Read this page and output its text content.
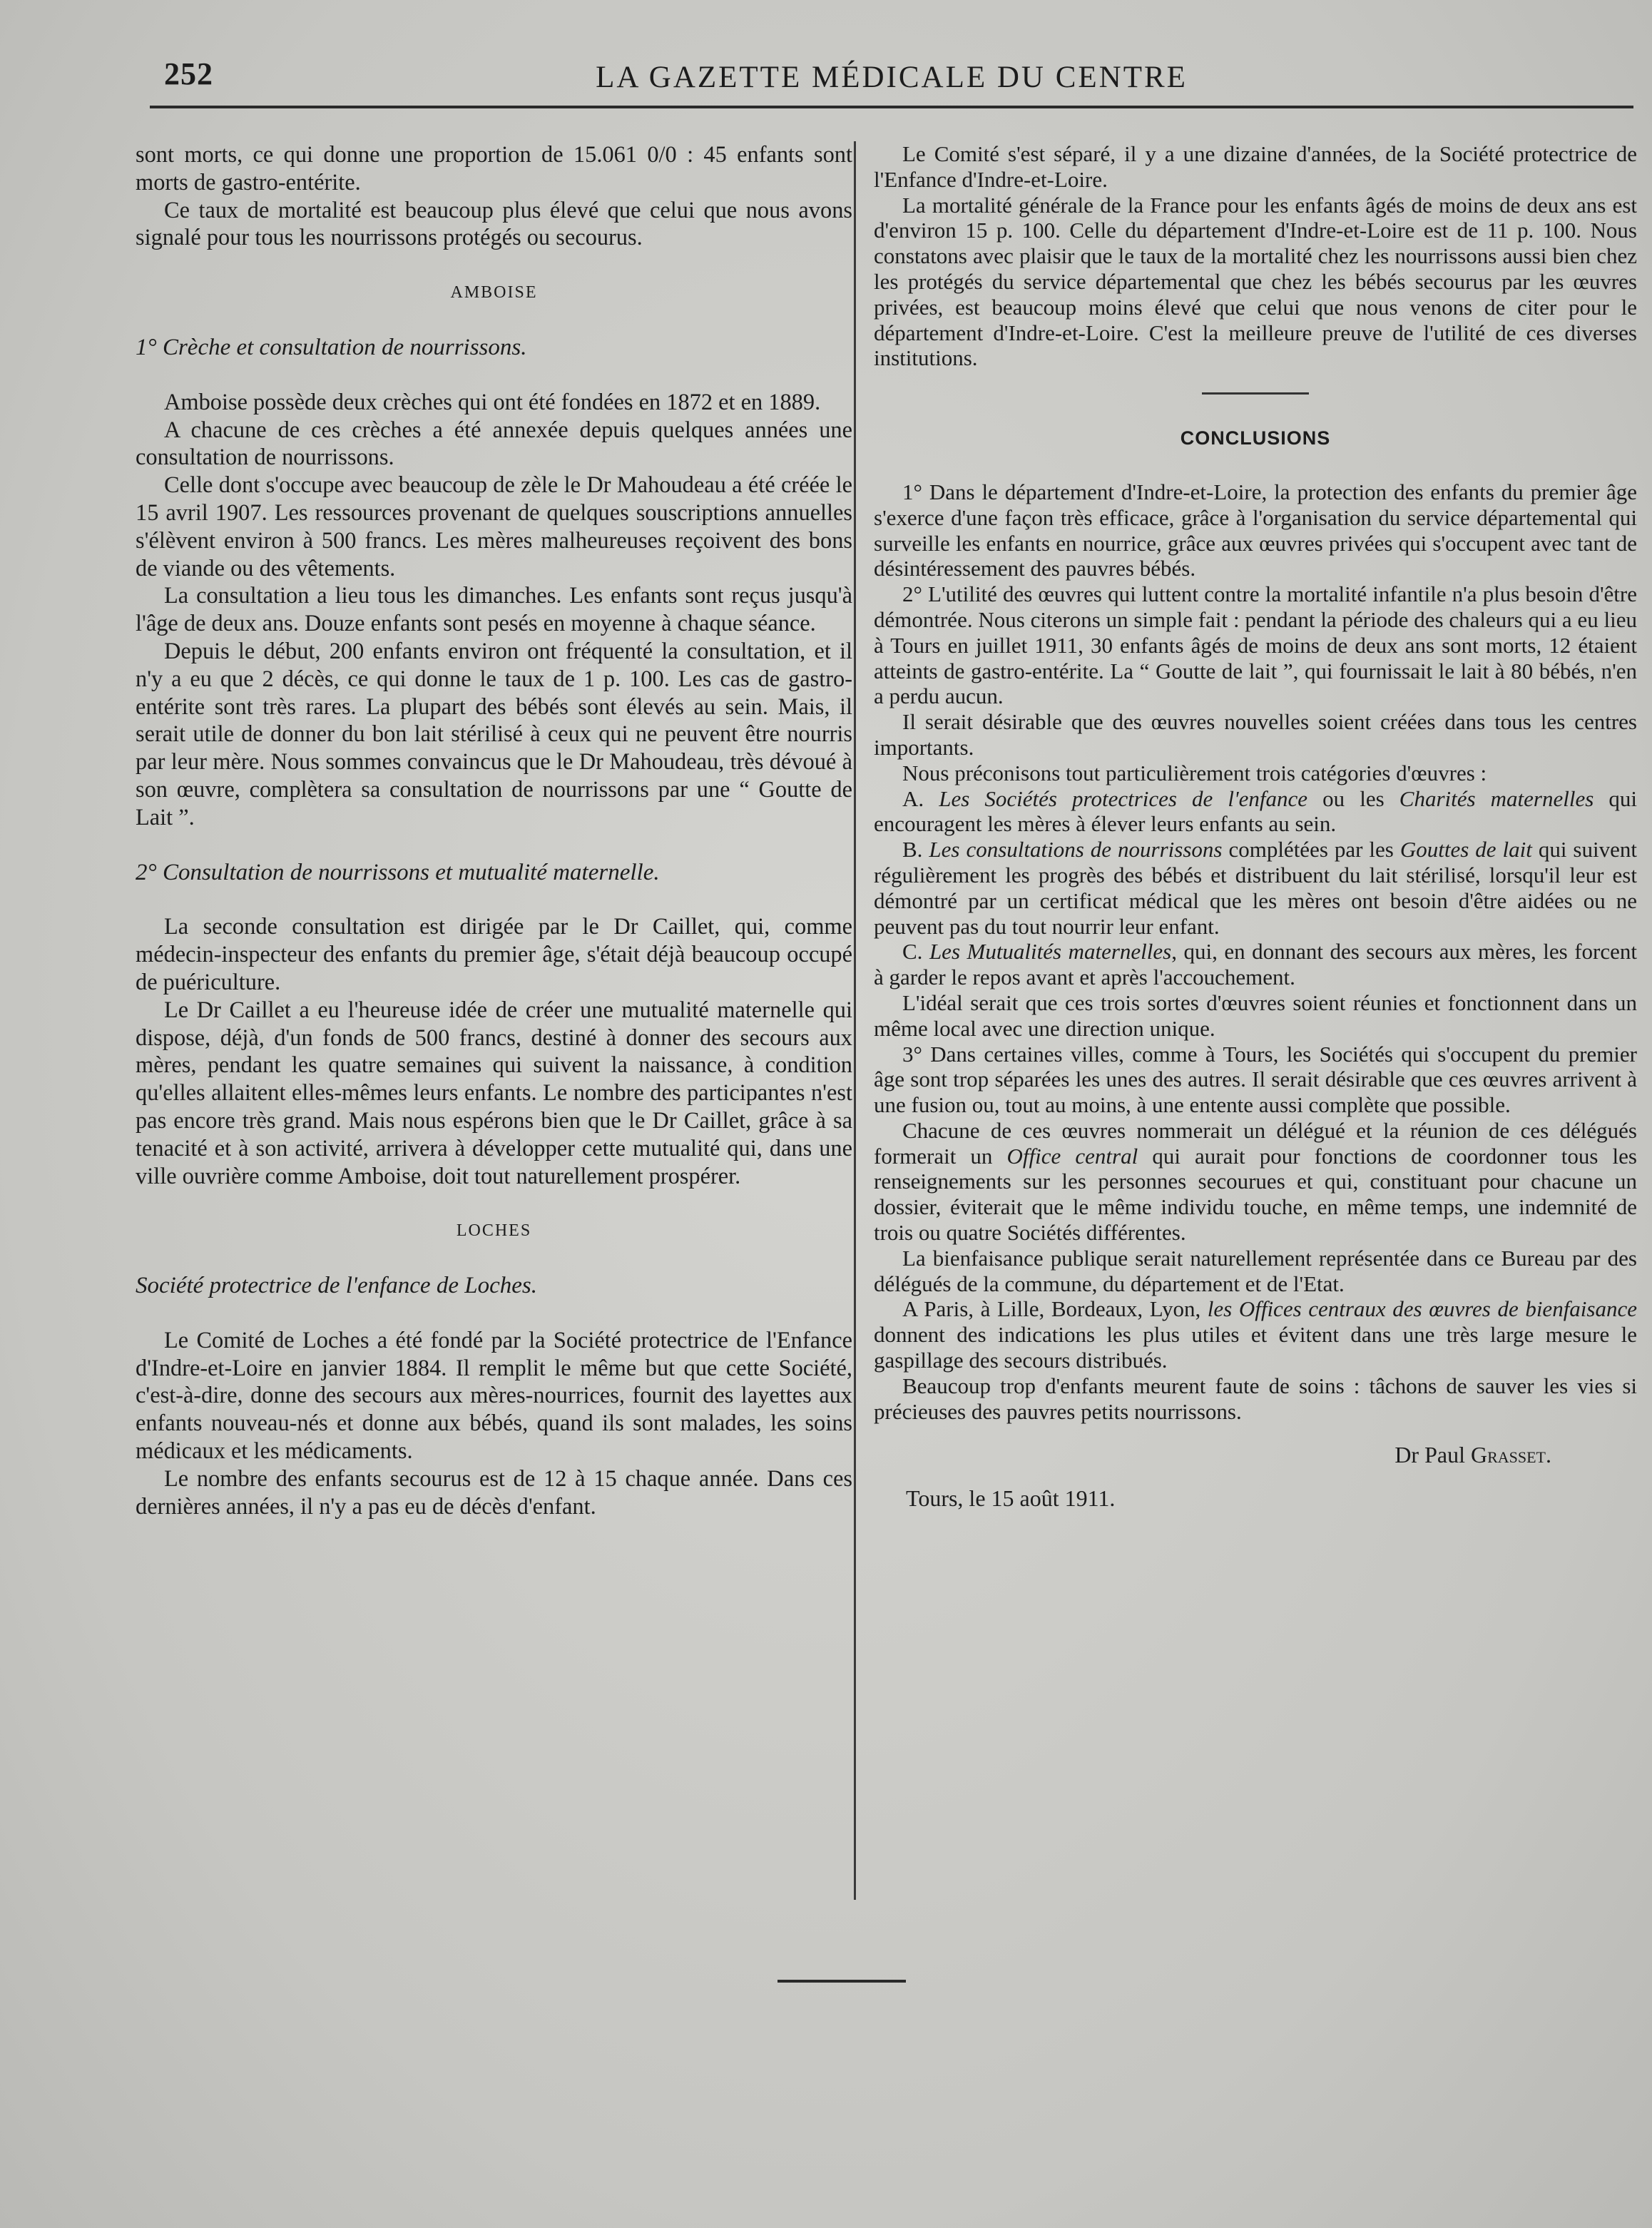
252	LA GAZETTE MÉDICALE DU CENTRE

sont morts, ce qui donne une proportion de 15.061 0/0 : 45 enfants sont morts de gastro-entérite.

Ce taux de mortalité est beaucoup plus élevé que celui que nous avons signalé pour tous les nourrissons protégés ou secourus.

AMBOISE

1° Crèche et consultation de nourrissons.

Amboise possède deux crèches qui ont été fondées en 1872 et en 1889.

A chacune de ces crèches a été annexée depuis quelques années une consultation de nourrissons.

Celle dont s'occupe avec beaucoup de zèle le Dr Mahoudeau a été créée le 15 avril 1907. Les ressources provenant de quelques souscriptions annuelles s'élèvent environ à 500 francs. Les mères malheureuses reçoivent des bons de viande ou des vêtements.

La consultation a lieu tous les dimanches. Les enfants sont reçus jusqu'à l'âge de deux ans. Douze enfants sont pesés en moyenne à chaque séance.

Depuis le début, 200 enfants environ ont fréquenté la consultation, et il n'y a eu que 2 décès, ce qui donne le taux de 1 p. 100. Les cas de gastro-entérite sont très rares. La plupart des bébés sont élevés au sein. Mais, il serait utile de donner du bon lait stérilisé à ceux qui ne peuvent être nourris par leur mère. Nous sommes convaincus que le Dr Mahoudeau, très dévoué à son œuvre, complètera sa consultation de nourrissons par une “ Goutte de Lait ”.

2° Consultation de nourrissons et mutualité maternelle.

La seconde consultation est dirigée par le Dr Caillet, qui, comme médecin-inspecteur des enfants du premier âge, s'était déjà beaucoup occupé de puériculture.

Le Dr Caillet a eu l'heureuse idée de créer une mutualité maternelle qui dispose, déjà, d'un fonds de 500 francs, destiné à donner des secours aux mères, pendant les quatre semaines qui suivent la naissance, à condition qu'elles allaitent elles-mêmes leurs enfants. Le nombre des participantes n'est pas encore très grand. Mais nous espérons bien que le Dr Caillet, grâce à sa tenacité et à son activité, arrivera à développer cette mutualité qui, dans une ville ouvrière comme Amboise, doit tout naturellement prospérer.

LOCHES

Société protectrice de l'enfance de Loches.

Le Comité de Loches a été fondé par la Société protectrice de l'Enfance d'Indre-et-Loire en janvier 1884. Il remplit le même but que cette Société, c'est-à-dire, donne des secours aux mères-nourrices, fournit des layettes aux enfants nouveau-nés et donne aux bébés, quand ils sont malades, les soins médicaux et les médicaments.

Le nombre des enfants secourus est de 12 à 15 chaque année. Dans ces dernières années, il n'y a pas eu de décès d'enfant.

Le Comité s'est séparé, il y a une dizaine d'années, de la Société protectrice de l'Enfance d'Indre-et-Loire.

La mortalité générale de la France pour les enfants âgés de moins de deux ans est d'environ 15 p. 100. Celle du département d'Indre-et-Loire est de 11 p. 100. Nous constatons avec plaisir que le taux de la mortalité chez les nourrissons aussi bien chez les protégés du service départemental que chez les bébés secourus par les œuvres privées, est beaucoup moins élevé que celui que nous venons de citer pour le département d'Indre-et-Loire. C'est la meilleure preuve de l'utilité de ces diverses institutions.

CONCLUSIONS

1° Dans le département d'Indre-et-Loire, la protection des enfants du premier âge s'exerce d'une façon très efficace, grâce à l'organisation du service départemental qui surveille les enfants en nourrice, grâce aux œuvres privées qui s'occupent avec tant de désintéressement des pauvres bébés.

2° L'utilité des œuvres qui luttent contre la mortalité infantile n'a plus besoin d'être démontrée. Nous citerons un simple fait : pendant la période des chaleurs qui a eu lieu à Tours en juillet 1911, 30 enfants âgés de moins de deux ans sont morts, 12 étaient atteints de gastro-entérite. La “ Goutte de lait ”, qui fournissait le lait à 80 bébés, n'en a perdu aucun.

Il serait désirable que des œuvres nouvelles soient créées dans tous les centres importants.

Nous préconisons tout particulièrement trois catégories d'œuvres :

A. Les Sociétés protectrices de l'enfance ou les Charités maternelles qui encouragent les mères à élever leurs enfants au sein.

B. Les consultations de nourrissons complétées par les Gouttes de lait qui suivent régulièrement les progrès des bébés et distribuent du lait stérilisé, lorsqu'il leur est démontré par un certificat médical que les mères ont besoin d'être aidées ou ne peuvent pas du tout nourrir leur enfant.

C. Les Mutualités maternelles, qui, en donnant des secours aux mères, les forcent à garder le repos avant et après l'accouchement.

L'idéal serait que ces trois sortes d'œuvres soient réunies et fonctionnent dans un même local avec une direction unique.

3° Dans certaines villes, comme à Tours, les Sociétés qui s'occupent du premier âge sont trop séparées les unes des autres. Il serait désirable que ces œuvres arrivent à une fusion ou, tout au moins, à une entente aussi complète que possible.

Chacune de ces œuvres nommerait un délégué et la réunion de ces délégués formerait un Office central qui aurait pour fonctions de coordonner tous les renseignements sur les personnes secourues et qui, constituant pour chacune un dossier, éviterait que le même individu touche, en même temps, une indemnité de trois ou quatre Sociétés différentes.

La bienfaisance publique serait naturellement représentée dans ce Bureau par des délégués de la commune, du département et de l'Etat.

A Paris, à Lille, Bordeaux, Lyon, les Offices centraux des œuvres de bienfaisance donnent des indications les plus utiles et évitent dans une très large mesure le gaspillage des secours distribués.

Beaucoup trop d'enfants meurent faute de soins : tâchons de sauver les vies si précieuses des pauvres petits nourrissons.

Dr Paul Grasset.
Tours, le 15 août 1911.
